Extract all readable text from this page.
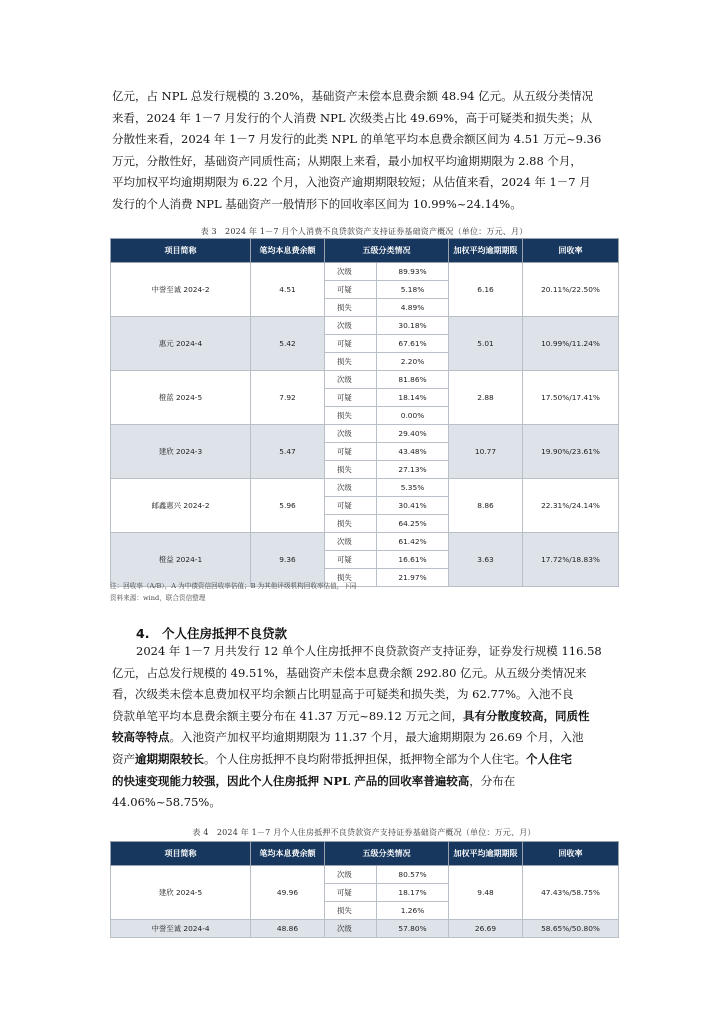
亿元，占 NPL 总发行规模的 3.20%，基础资产未偿本息费余额 48.94 亿元。从五级分类情况
来看，2024 年 1－7 月发行的个人消费 NPL 次级类占比 49.69%，高于可疑类和损失类；从
分散性来看，2024 年 1－7 月发行的此类 NPL 的单笔平均本息费余额区间为 4.51 万元~9.36
万元，分散性好，基础资产同质性高；从期限上来看，最小加权平均逾期期限为 2.88 个月，
平均加权平均逾期期限为 6.22 个月，入池资产逾期期限较短；从估值来看，2024 年 1－7 月
发行的个人消费 NPL 基础资产一般情形下的回收率区间为 10.99%~24.14%。
表 3　2024 年 1－7 月个人消费不良贷款资产支持证券基础资产概况（单位：万元、月）
项目简称	笔均本息费余额	五级分类情况		加权平均逾期期限	回收率
中誉至诚 2024-2	4.51	次级	89.93%	6.16	20.11%/22.50%
		可疑	5.18%		
		损失	4.89%		
惠元 2024-4	5.42	次级	30.18%	5.01	10.99%/11.24%
		可疑	67.61%		
		损失	2.20%		
橙蓝 2024-5	7.92	次级	81.86%	2.88	17.50%/17.41%
		可疑	18.14%		
		损失	0.00%		
建欣 2024-3	5.47	次级	29.40%	10.77	19.90%/23.61%
		可疑	43.48%		
		损失	27.13%		
邮鑫惠兴 2024-2	5.96	次级	5.35%	8.86	22.31%/24.14%
		可疑	30.41%		
		损失	64.25%		
橙益 2024-1	9.36	次级	61.42%	3.63	17.72%/18.83%
		可疑	16.61%		
		损失	21.97%		
注：回收率（A/B），A 为中债资信回收率估值；B 为其他评级机构回收率估值，下同
资料来源：wind，联合资信整理
4.　个人住房抵押不良贷款
2024 年 1－7 月共发行 12 单个人住房抵押不良贷款资产支持证券，证券发行规模 116.58
亿元，占总发行规模的 49.51%，基础资产未偿本息费余额 292.80 亿元。从五级分类情况来
看，次级类未偿本息费加权平均余额占比明显高于可疑类和损失类，为 62.77%。入池不良
贷款单笔平均本息费余额主要分布在 41.37 万元~89.12 万元之间，具有分散度较高，同质性
较高等特点。入池资产加权平均逾期期限为 11.37 个月，最大逾期期限为 26.69 个月，入池
资产逾期期限较长。个人住房抵押不良均附带抵押担保，抵押物全部为个人住宅。个人住宅
的快速变现能力较强，因此个人住房抵押 NPL 产品的回收率普遍较高，分布在
44.06%~58.75%。
表 4　2024 年 1－7 月个人住房抵押不良贷款资产支持证券基础资产概况（单位：万元、月）
项目简称	笔均本息费余额	五级分类情况		加权平均逾期期限	回收率
建欣 2024-5	49.96	次级	80.57%	9.48	47.43%/58.75%
		可疑	18.17%		
		损失	1.26%		
中誉至诚 2024-4	48.86	次级	57.80%	26.69	58.65%/50.80%
